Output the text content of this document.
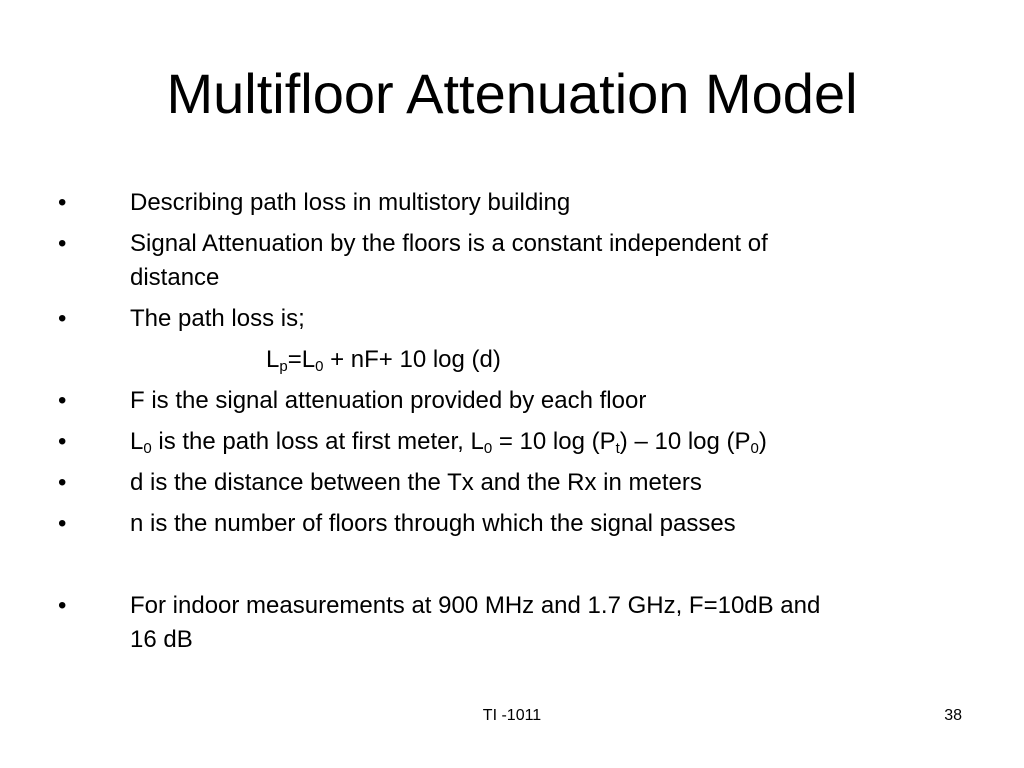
Multifloor Attenuation Model
•	Describing path loss in multistory building
•	Signal Attenuation by the floors is a constant independent of
distance
•	The path loss is;
$L_p=L_0 + nF+ 10$ log (d)
•	F is the signal attenuation provided by each floor
•	$L_0$ is the path loss at first meter, $L_0 = 10$ $\log (P_t) - 10$ $\log (P_0)$
•	d is the distance between the Tx and the Rx in meters
•	n is the number of floors through which the signal passes
•	For indoor measurements at 900 MHz and 1.7 GHz, F=10dB and
16 dB
TI -1011	38
